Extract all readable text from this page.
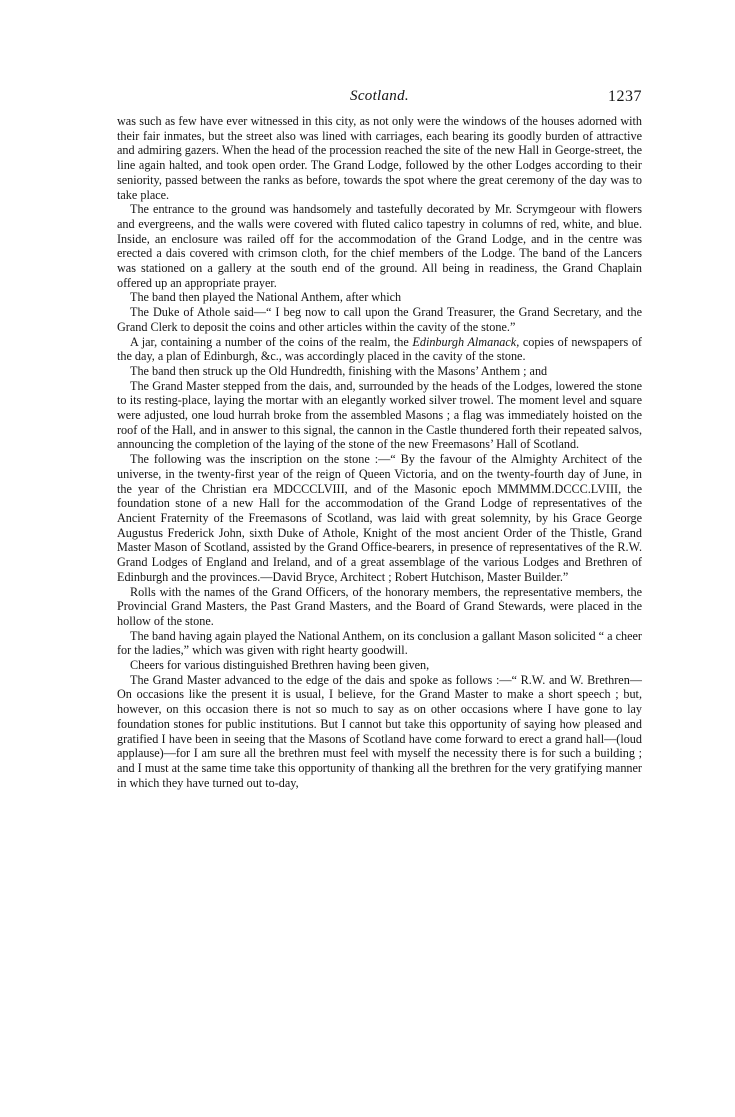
Scotland.	1237

was such as few have ever witnessed in this city, as not only were the windows of the houses adorned with their fair inmates, but the street also was lined with carriages, each bearing its goodly burden of attractive and admiring gazers. When the head of the procession reached the site of the new Hall in George-street, the line again halted, and took open order. The Grand Lodge, followed by the other Lodges according to their seniority, passed between the ranks as before, towards the spot where the great ceremony of the day was to take place.

The entrance to the ground was handsomely and tastefully decorated by Mr. Scrymgeour with flowers and evergreens, and the walls were covered with fluted calico tapestry in columns of red, white, and blue. Inside, an enclosure was railed off for the accommodation of the Grand Lodge, and in the centre was erected a dais covered with crimson cloth, for the chief members of the Lodge. The band of the Lancers was stationed on a gallery at the south end of the ground. All being in readiness, the Grand Chaplain offered up an appropriate prayer.

The band then played the National Anthem, after which

The Duke of Athole said—“ I beg now to call upon the Grand Treasurer, the Grand Secretary, and the Grand Clerk to deposit the coins and other articles within the cavity of the stone.”

A jar, containing a number of the coins of the realm, the Edinburgh Almanack, copies of newspapers of the day, a plan of Edinburgh, &c., was accordingly placed in the cavity of the stone.

The band then struck up the Old Hundredth, finishing with the Masons’ Anthem ; and

The Grand Master stepped from the dais, and, surrounded by the heads of the Lodges, lowered the stone to its resting-place, laying the mortar with an elegantly worked silver trowel. The moment level and square were adjusted, one loud hurrah broke from the assembled Masons ; a flag was immediately hoisted on the roof of the Hall, and in answer to this signal, the cannon in the Castle thundered forth their repeated salvos, announcing the completion of the laying of the stone of the new Freemasons’ Hall of Scotland.

The following was the inscription on the stone :—“ By the favour of the Almighty Architect of the universe, in the twenty-first year of the reign of Queen Victoria, and on the twenty-fourth day of June, in the year of the Christian era MDCCCLVIII, and of the Masonic epoch MMMMM.DCCC.LVIII, the foundation stone of a new Hall for the accommodation of the Grand Lodge of representatives of the Ancient Fraternity of the Freemasons of Scotland, was laid with great solemnity, by his Grace George Augustus Frederick John, sixth Duke of Athole, Knight of the most ancient Order of the Thistle, Grand Master Mason of Scotland, assisted by the Grand Office-bearers, in presence of representatives of the R.W. Grand Lodges of England and Ireland, and of a great assemblage of the various Lodges and Brethren of Edinburgh and the provinces.—David Bryce, Architect ; Robert Hutchison, Master Builder.”

Rolls with the names of the Grand Officers, of the honorary members, the representative members, the Provincial Grand Masters, the Past Grand Masters, and the Board of Grand Stewards, were placed in the hollow of the stone.

The band having again played the National Anthem, on its conclusion a gallant Mason solicited “ a cheer for the ladies,” which was given with right hearty goodwill.

Cheers for various distinguished Brethren having been given,

The Grand Master advanced to the edge of the dais and spoke as follows :—“ R.W. and W. Brethren—On occasions like the present it is usual, I believe, for the Grand Master to make a short speech ; but, however, on this occasion there is not so much to say as on other occasions where I have gone to lay foundation stones for public institutions. But I cannot but take this opportunity of saying how pleased and gratified I have been in seeing that the Masons of Scotland have come forward to erect a grand hall—(loud applause)—for I am sure all the brethren must feel with myself the necessity there is for such a building ; and I must at the same time take this opportunity of thanking all the brethren for the very gratifying manner in which they have turned out to-day,
